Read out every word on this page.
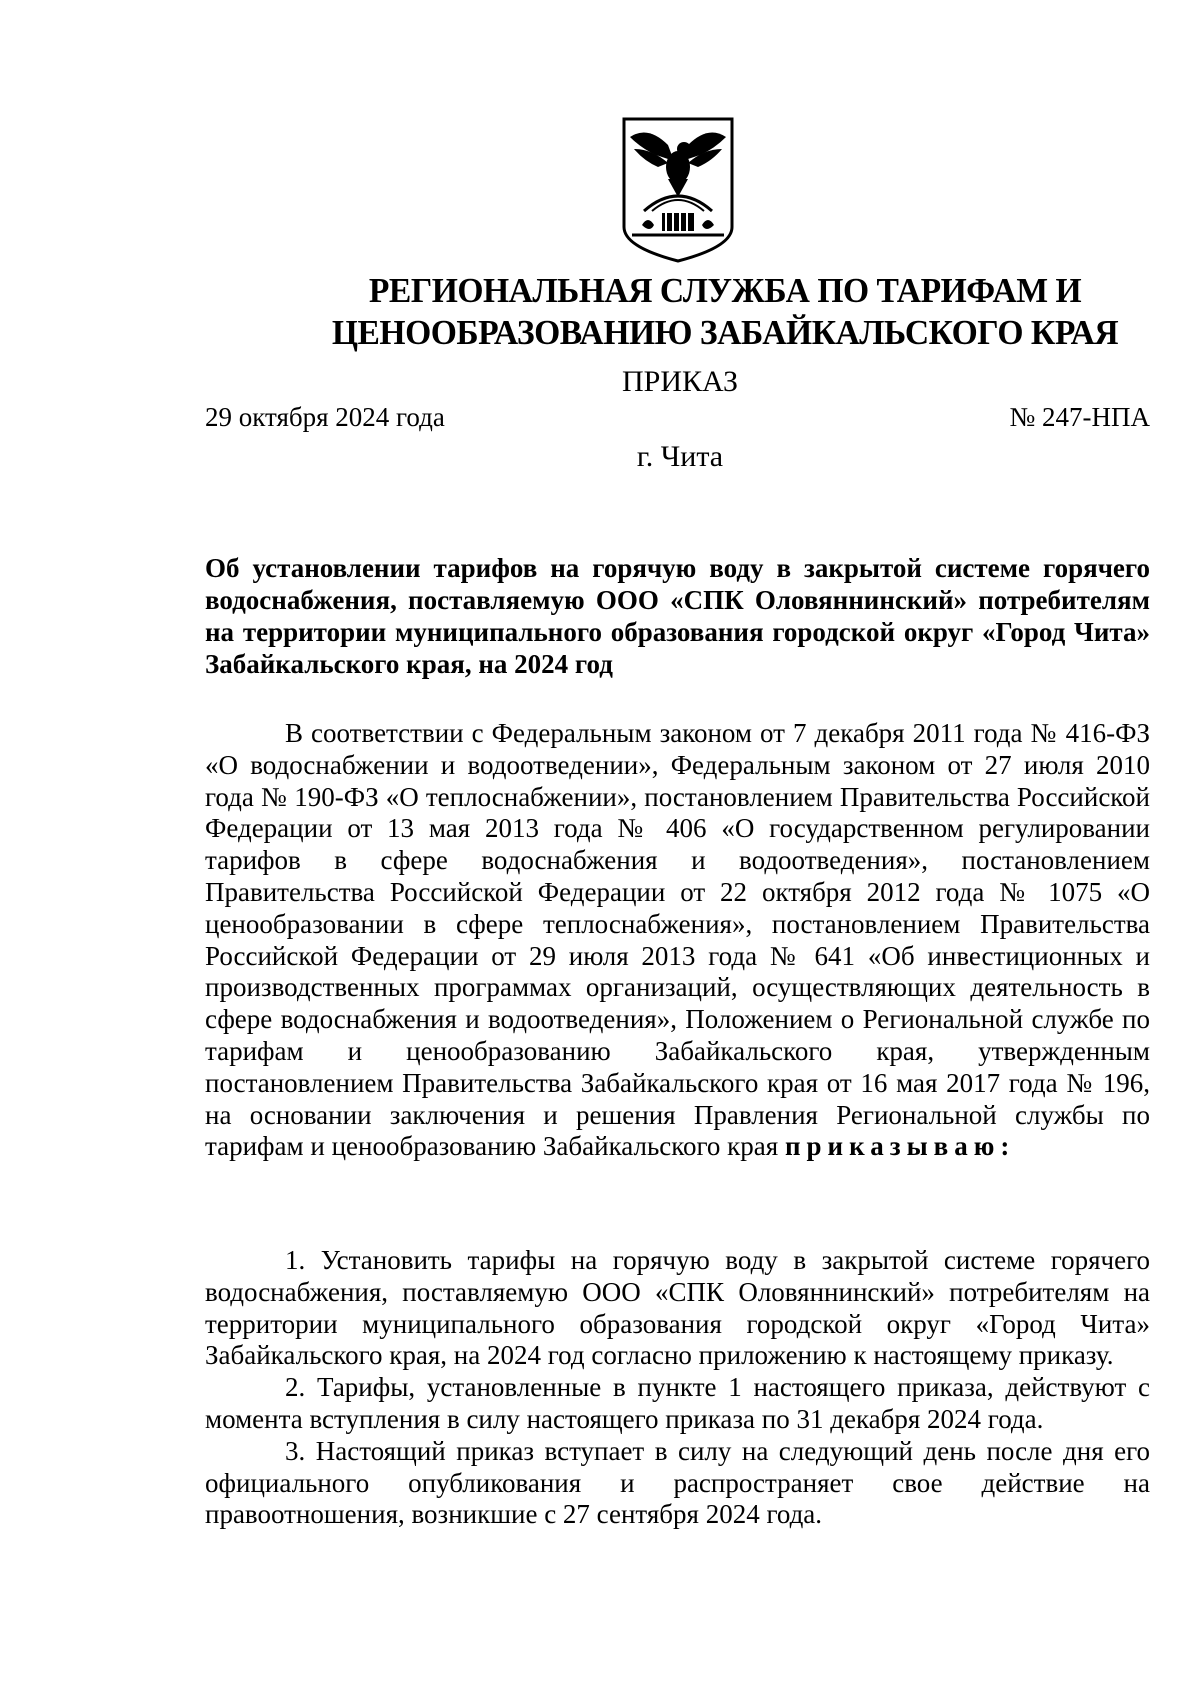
РЕГИОНАЛЬНАЯ СЛУЖБА ПО ТАРИФАМ И
ЦЕНООБРАЗОВАНИЮ ЗАБАЙКАЛЬСКОГО КРАЯ
ПРИКАЗ
29 октября 2024 года	№ 247-НПА
г. Чита
Об установлении тарифов на горячую воду в закрытой системе горячего водоснабжения, поставляемую ООО «СПК Оловяннинский» потребителям на территории муниципального образования городской округ «Город Чита» Забайкальского края, на 2024 год
В соответствии с Федеральным законом от 7 декабря 2011 года № 416-ФЗ «О водоснабжении и водоотведении», Федеральным законом от 27 июля 2010 года № 190-ФЗ «О теплоснабжении», постановлением Правительства Российской Федерации от 13 мая 2013 года № 406 «О государственном регулировании тарифов в сфере водоснабжения и водоотведения», постановлением Правительства Российской Федерации от 22 октября 2012 года № 1075 «О ценообразовании в сфере теплоснабжения», постановлением Правительства Российской Федерации от 29 июля 2013 года № 641 «Об инвестиционных и производственных программах организаций, осуществляющих деятельность в сфере водоснабжения и водоотведения», Положением о Региональной службе по тарифам и ценообразованию Забайкальского края, утвержденным постановлением Правительства Забайкальского края от 16 мая 2017 года № 196, на основании заключения и решения Правления Региональной службы по тарифам и ценообразованию Забайкальского края приказываю:

1. Установить тарифы на горячую воду в закрытой системе горячего водоснабжения, поставляемую ООО «СПК Оловяннинский» потребителям на территории муниципального образования городской округ «Город Чита» Забайкальского края, на 2024 год согласно приложению к настоящему приказу.

2. Тарифы, установленные в пункте 1 настоящего приказа, действуют с момента вступления в силу настоящего приказа по 31 декабря 2024 года.

3. Настоящий приказ вступает в силу на следующий день после дня его официального опубликования и распространяет свое действие на правоотношения, возникшие с 27 сентября 2024 года.
